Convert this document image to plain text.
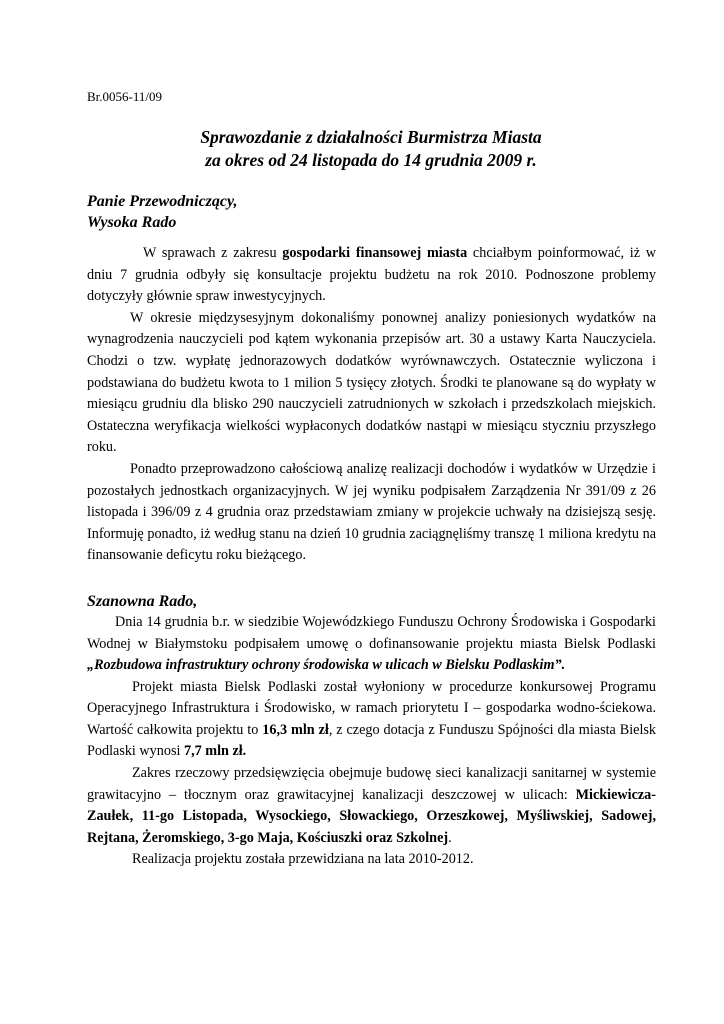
Br.0056-11/09
Sprawozdanie z działalności Burmistrza Miasta
za okres od 24 listopada do 14 grudnia 2009 r.
Panie Przewodniczący,
Wysoka Rado

W sprawach z zakresu gospodarki finansowej miasta chciałbym poinformować, iż w dniu 7 grudnia odbyły się konsultacje projektu budżetu na rok 2010. Podnoszone problemy dotyczyły głównie spraw inwestycyjnych.

W okresie międzysesyjnym dokonaliśmy ponownej analizy poniesionych wydatków na wynagrodzenia nauczycieli pod kątem wykonania przepisów art. 30 a ustawy Karta Nauczyciela. Chodzi o tzw. wypłatę jednorazowych dodatków wyrównawczych. Ostatecznie wyliczona i podstawiana do budżetu kwota to 1 milion 5 tysięcy złotych. Środki te planowane są do wypłaty w miesiącu grudniu dla blisko 290 nauczycieli zatrudnionych w szkołach i przedszkolach miejskich. Ostateczna weryfikacja wielkości wypłaconych dodatków nastąpi w miesiącu styczniu przyszłego roku.

Ponadto przeprowadzono całościową analizę realizacji dochodów i wydatków w Urzędzie i pozostałych jednostkach organizacyjnych. W jej wyniku podpisałem Zarządzenia Nr 391/09 z 26 listopada i 396/09 z 4 grudnia oraz przedstawiam zmiany w projekcie uchwały na dzisiejszą sesję. Informuję ponadto, iż według stanu na dzień 10 grudnia zaciągnęliśmy transzę 1 miliona kredytu na finansowanie deficytu roku bieżącego.

Szanowna Rado,

Dnia 14 grudnia b.r. w siedzibie Wojewódzkiego Funduszu Ochrony Środowiska i Gospodarki Wodnej w Białymstoku podpisałem umowę o dofinansowanie projektu miasta Bielsk Podlaski „Rozbudowa infrastruktury ochrony środowiska w ulicach w Bielsku Podlaskim”.

Projekt miasta Bielsk Podlaski został wyłoniony w procedurze konkursowej Programu Operacyjnego Infrastruktura i Środowisko, w ramach priorytetu I – gospodarka wodno-ściekowa. Wartość całkowita projektu to 16,3 mln zł, z czego dotacja z Funduszu Spójności dla miasta Bielsk Podlaski wynosi 7,7 mln zł.

Zakres rzeczowy przedsięwzięcia obejmuje budowę sieci kanalizacji sanitarnej w systemie grawitacyjno – tłocznym oraz grawitacyjnej kanalizacji deszczowej w ulicach: Mickiewicza-Zaułek, 11-go Listopada, Wysockiego, Słowackiego, Orzeszkowej, Myśliwskiej, Sadowej, Rejtana, Żeromskiego, 3-go Maja, Kościuszki oraz Szkolnej.

Realizacja projektu została przewidziana na lata 2010-2012.
